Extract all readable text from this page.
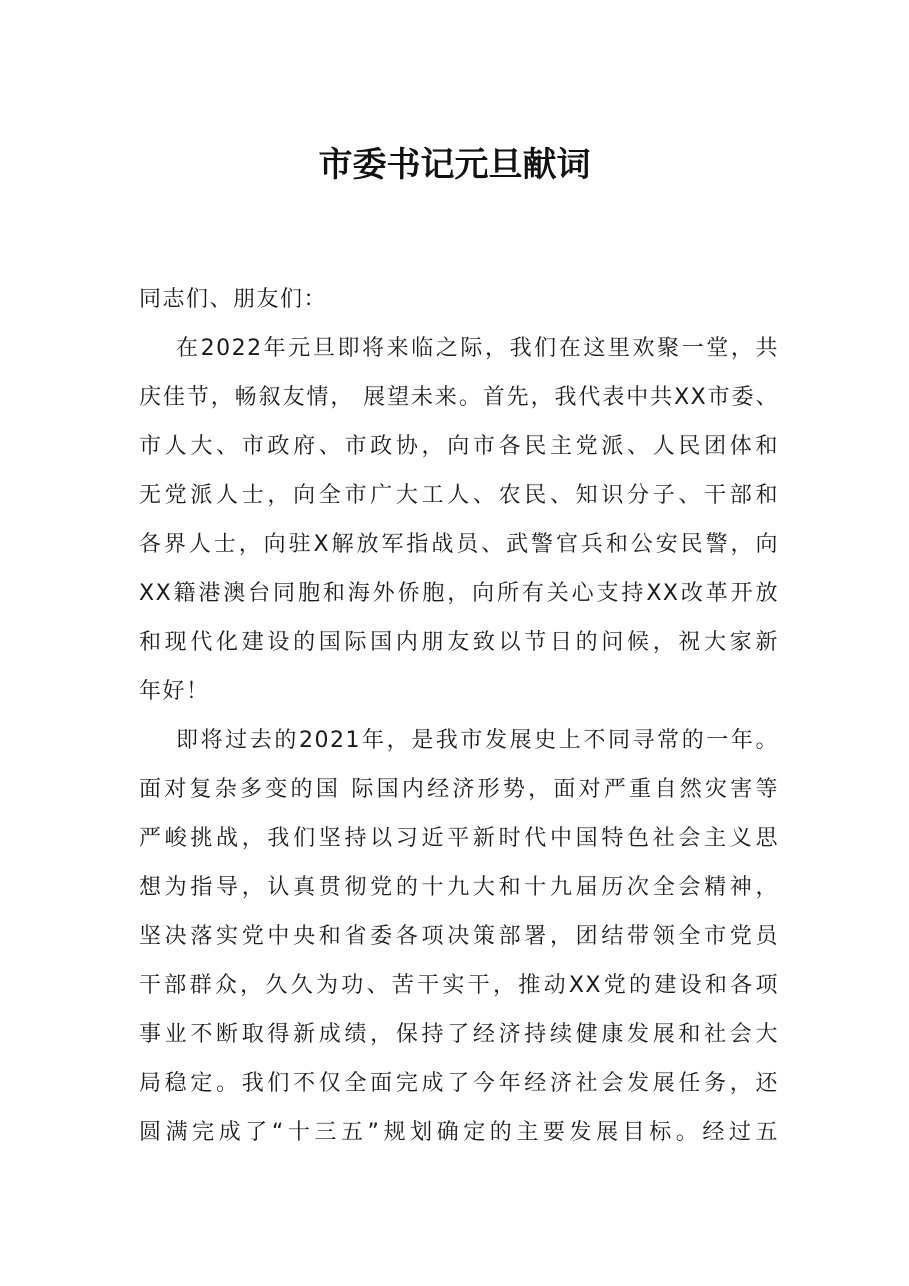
市委书记元旦献词

同志们、朋友们：

在2022年元旦即将来临之际，我们在这里欢聚一堂，共
庆佳节，畅叙友情， 展望未来。首先，我代表中共XX市委、
市人大、市政府、市政协，向市各民主党派、人民团体和
无党派人士，向全市广大工人、农民、知识分子、干部和
各界人士，向驻X解放军指战员、武警官兵和公安民警，向
XX籍港澳台同胞和海外侨胞，向所有关心支持XX改革开放
和现代化建设的国际国内朋友致以节日的问候，祝大家新
年好！

即将过去的2021年，是我市发展史上不同寻常的一年。
面对复杂多变的国 际国内经济形势，面对严重自然灾害等
严峻挑战，我们坚持以习近平新时代中国特色社会主义思
想为指导，认真贯彻党的十九大和十九届历次全会精神，
坚决落实党中央和省委各项决策部署，团结带领全市党员
干部群众，久久为功、苦干实干，推动XX党的建设和各项
事业不断取得新成绩，保持了经济持续健康发展和社会大
局稳定。我们不仅全面完成了今年经济社会发展任务，还
圆满完成了“十三五”规划确定的主要发展目标。经过五
